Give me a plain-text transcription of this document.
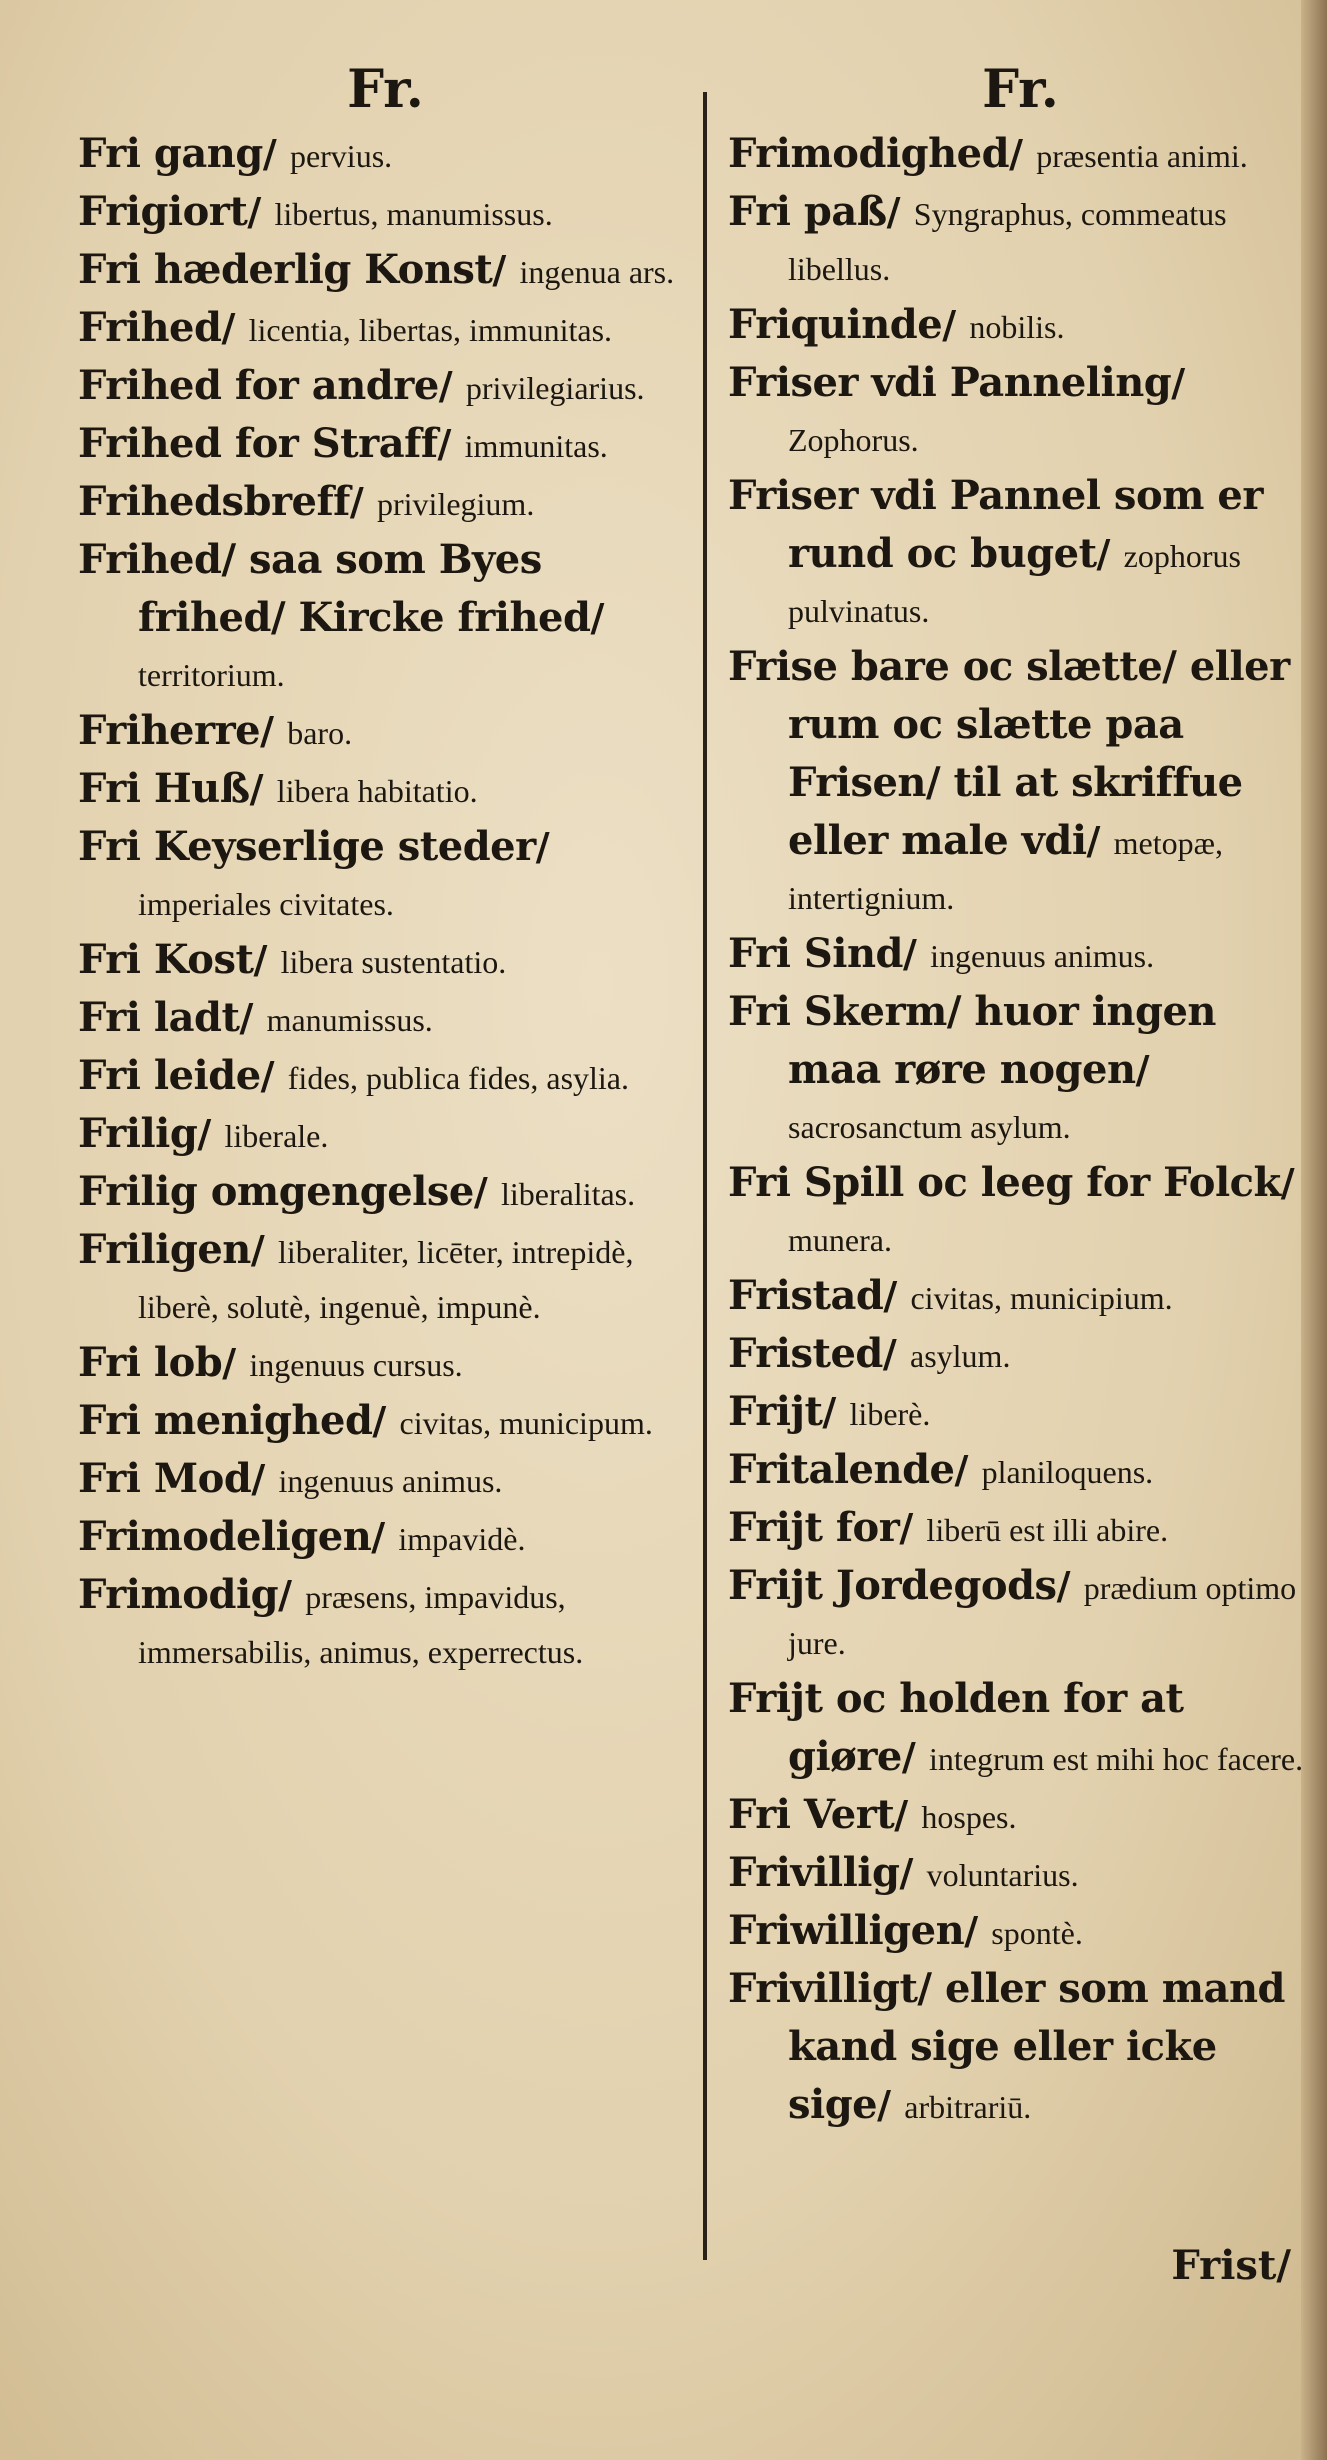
Fr.
Fri gang/ pervius.
Frigiort/ libertus, manumissus.
Fri hæderlig Konst/ ingenua ars.
Frihed/ licentia, libertas, immunitas.
Frihed for andre/ privilegiarius.
Frihed for Straff/ immunitas.
Frihedsbreff/ privilegium.
Frihed/ saa som Byes frihed/ Kircke frihed/ territorium.
Friherre/ baro.
Fri Huß/ libera habitatio.
Fri Keyserlige steder/ imperiales civitates.
Fri Kost/ libera sustentatio.
Fri ladt/ manumissus.
Fri leide/ fides, publica fides, asylia.
Frilig/ liberale.
Frilig omgengelse/ liberalitas.
Friligen/ liberaliter, licēter, intrepidè, liberè, solutè, ingenuè, impunè.
Fri lob/ ingenuus cursus.
Fri menighed/ civitas, municipum.
Fri Mod/ ingenuus animus.
Frimodeligen/ impavidè.
Frimodig/ præsens, impavidus, immersabilis, animus, experrectus.
Fr.
Frimodighed/ præsentia animi.
Fri paß/ Syngraphus, commeatus libellus.
Friquinde/ nobilis.
Friser vdi Panneling/ Zophorus.
Friser vdi Pannel som er rund oc buget/ zophorus pulvinatus.
Frise bare oc slætte/ eller rum oc slætte paa Frisen/ til at skriffue eller male vdi/ metopæ, intertignium.
Fri Sind/ ingenuus animus.
Fri Skerm/ huor ingen maa røre nogen/ sacrosanctum asylum.
Fri Spill oc leeg for Folck/ munera.
Fristad/ civitas, municipium.
Fristed/ asylum.
Frijt/ liberè.
Fritalende/ planiloquens.
Frijt for/ liberū est illi abire.
Frijt Jordegods/ prædium optimo jure.
Frijt oc holden for at giøre/ integrum est mihi hoc facere.
Fri Vert/ hospes.
Frivillig/ voluntarius.
Friwilligen/ spontè.
Frivilligt/ eller som mand kand sige eller icke sige/ arbitrariū.
Frist/
